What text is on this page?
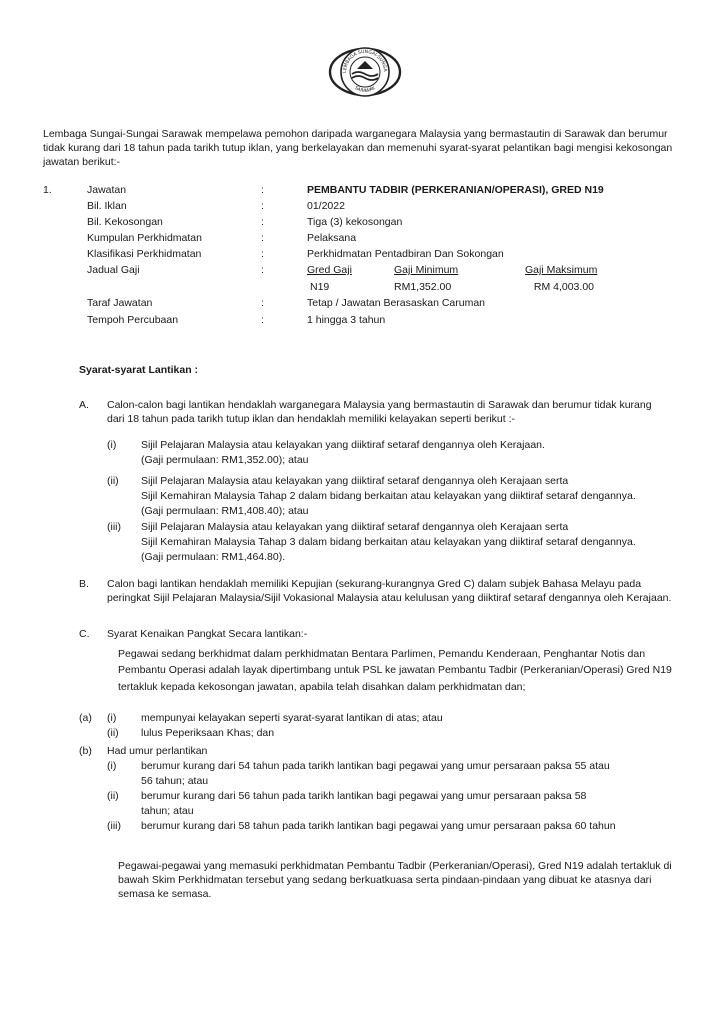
LEMBAGA SUNGAI-SUNGA
SARAWAK
Lembaga Sungai-Sungai Sarawak mempelawa pemohon daripada warganegara Malaysia yang bermastautin di Sarawak dan berumur tidak kurang dari 18 tahun pada tarikh tutup iklan, yang berkelayakan dan memenuhi syarat-syarat pelantikan bagi mengisi kekosongan jawatan berikut:-
1.	Jawatan	:	PEMBANTU TADBIR (PERKERANIAN/OPERASI), GRED N19
Bil. Iklan	:	01/2022
Bil. Kekosongan	:	Tiga (3) kekosongan
Kumpulan Perkhidmatan	:	Pelaksana
Klasifikasi Perkhidmatan	:	Perkhidmatan Pentadbiran Dan Sokongan
Jadual Gaji	:	Gred Gaji	Gaji Minimum	Gaji Maksimum
N19	RM1,352.00	RM 4,003.00
Taraf Jawatan	:	Tetap / Jawatan Berasaskan Caruman
Tempoh Percubaan	:	1 hingga 3 tahun
Syarat-syarat Lantikan :
A. Calon-calon bagi lantikan hendaklah warganegara Malaysia yang bermastautin di Sarawak dan berumur tidak kurang dari 18 tahun pada tarikh tutup iklan dan hendaklah memiliki kelayakan seperti berikut :-
(i) Sijil Pelajaran Malaysia atau kelayakan yang diiktiraf setaraf dengannya oleh Kerajaan.
(Gaji permulaan: RM1,352.00); atau
(ii) Sijil Pelajaran Malaysia atau kelayakan yang diiktiraf setaraf dengannya oleh Kerajaan serta
Sijil Kemahiran Malaysia Tahap 2 dalam bidang berkaitan atau kelayakan yang diiktiraf setaraf dengannya.
(Gaji permulaan: RM1,408.40); atau
(iii) Sijil Pelajaran Malaysia atau kelayakan yang diiktiraf setaraf dengannya oleh Kerajaan serta
Sijil Kemahiran Malaysia Tahap 3 dalam bidang berkaitan atau kelayakan yang diiktiraf setaraf dengannya.
(Gaji permulaan: RM1,464.80).
B. Calon bagi lantikan hendaklah memiliki Kepujian (sekurang-kurangnya Gred C) dalam subjek Bahasa Melayu pada peringkat Sijil Pelajaran Malaysia/Sijil Vokasional Malaysia atau kelulusan yang diiktiraf setaraf dengannya oleh Kerajaan.
C. Syarat Kenaikan Pangkat Secara lantikan:-
Pegawai sedang berkhidmat dalam perkhidmatan Bentara Parlimen, Pemandu Kenderaan, Penghantar Notis dan Pembantu Operasi adalah layak dipertimbang untuk PSL ke jawatan Pembantu Tadbir (Perkeranian/Operasi) Gred N19 tertakluk kepada kekosongan jawatan, apabila telah disahkan dalam perkhidmatan dan;
(a) (i) mempunyai kelayakan seperti syarat-syarat lantikan di atas; atau
(ii) lulus Peperiksaan Khas; dan
(b) Had umur perlantikan
(i) berumur kurang dari 54 tahun pada tarikh lantikan bagi pegawai yang umur persaraan paksa 55 atau
56 tahun; atau
(ii) berumur kurang dari 56 tahun pada tarikh lantikan bagi pegawai yang umur persaraan paksa 58
tahun; atau
(iii) berumur kurang dari 58 tahun pada tarikh lantikan bagi pegawai yang umur persaraan paksa 60 tahun
Pegawai-pegawai yang memasuki perkhidmatan Pembantu Tadbir (Perkeranian/Operasi), Gred N19 adalah tertakluk di bawah Skim Perkhidmatan tersebut yang sedang berkuatkuasa serta pindaan-pindaan yang dibuat ke atasnya dari semasa ke semasa.
